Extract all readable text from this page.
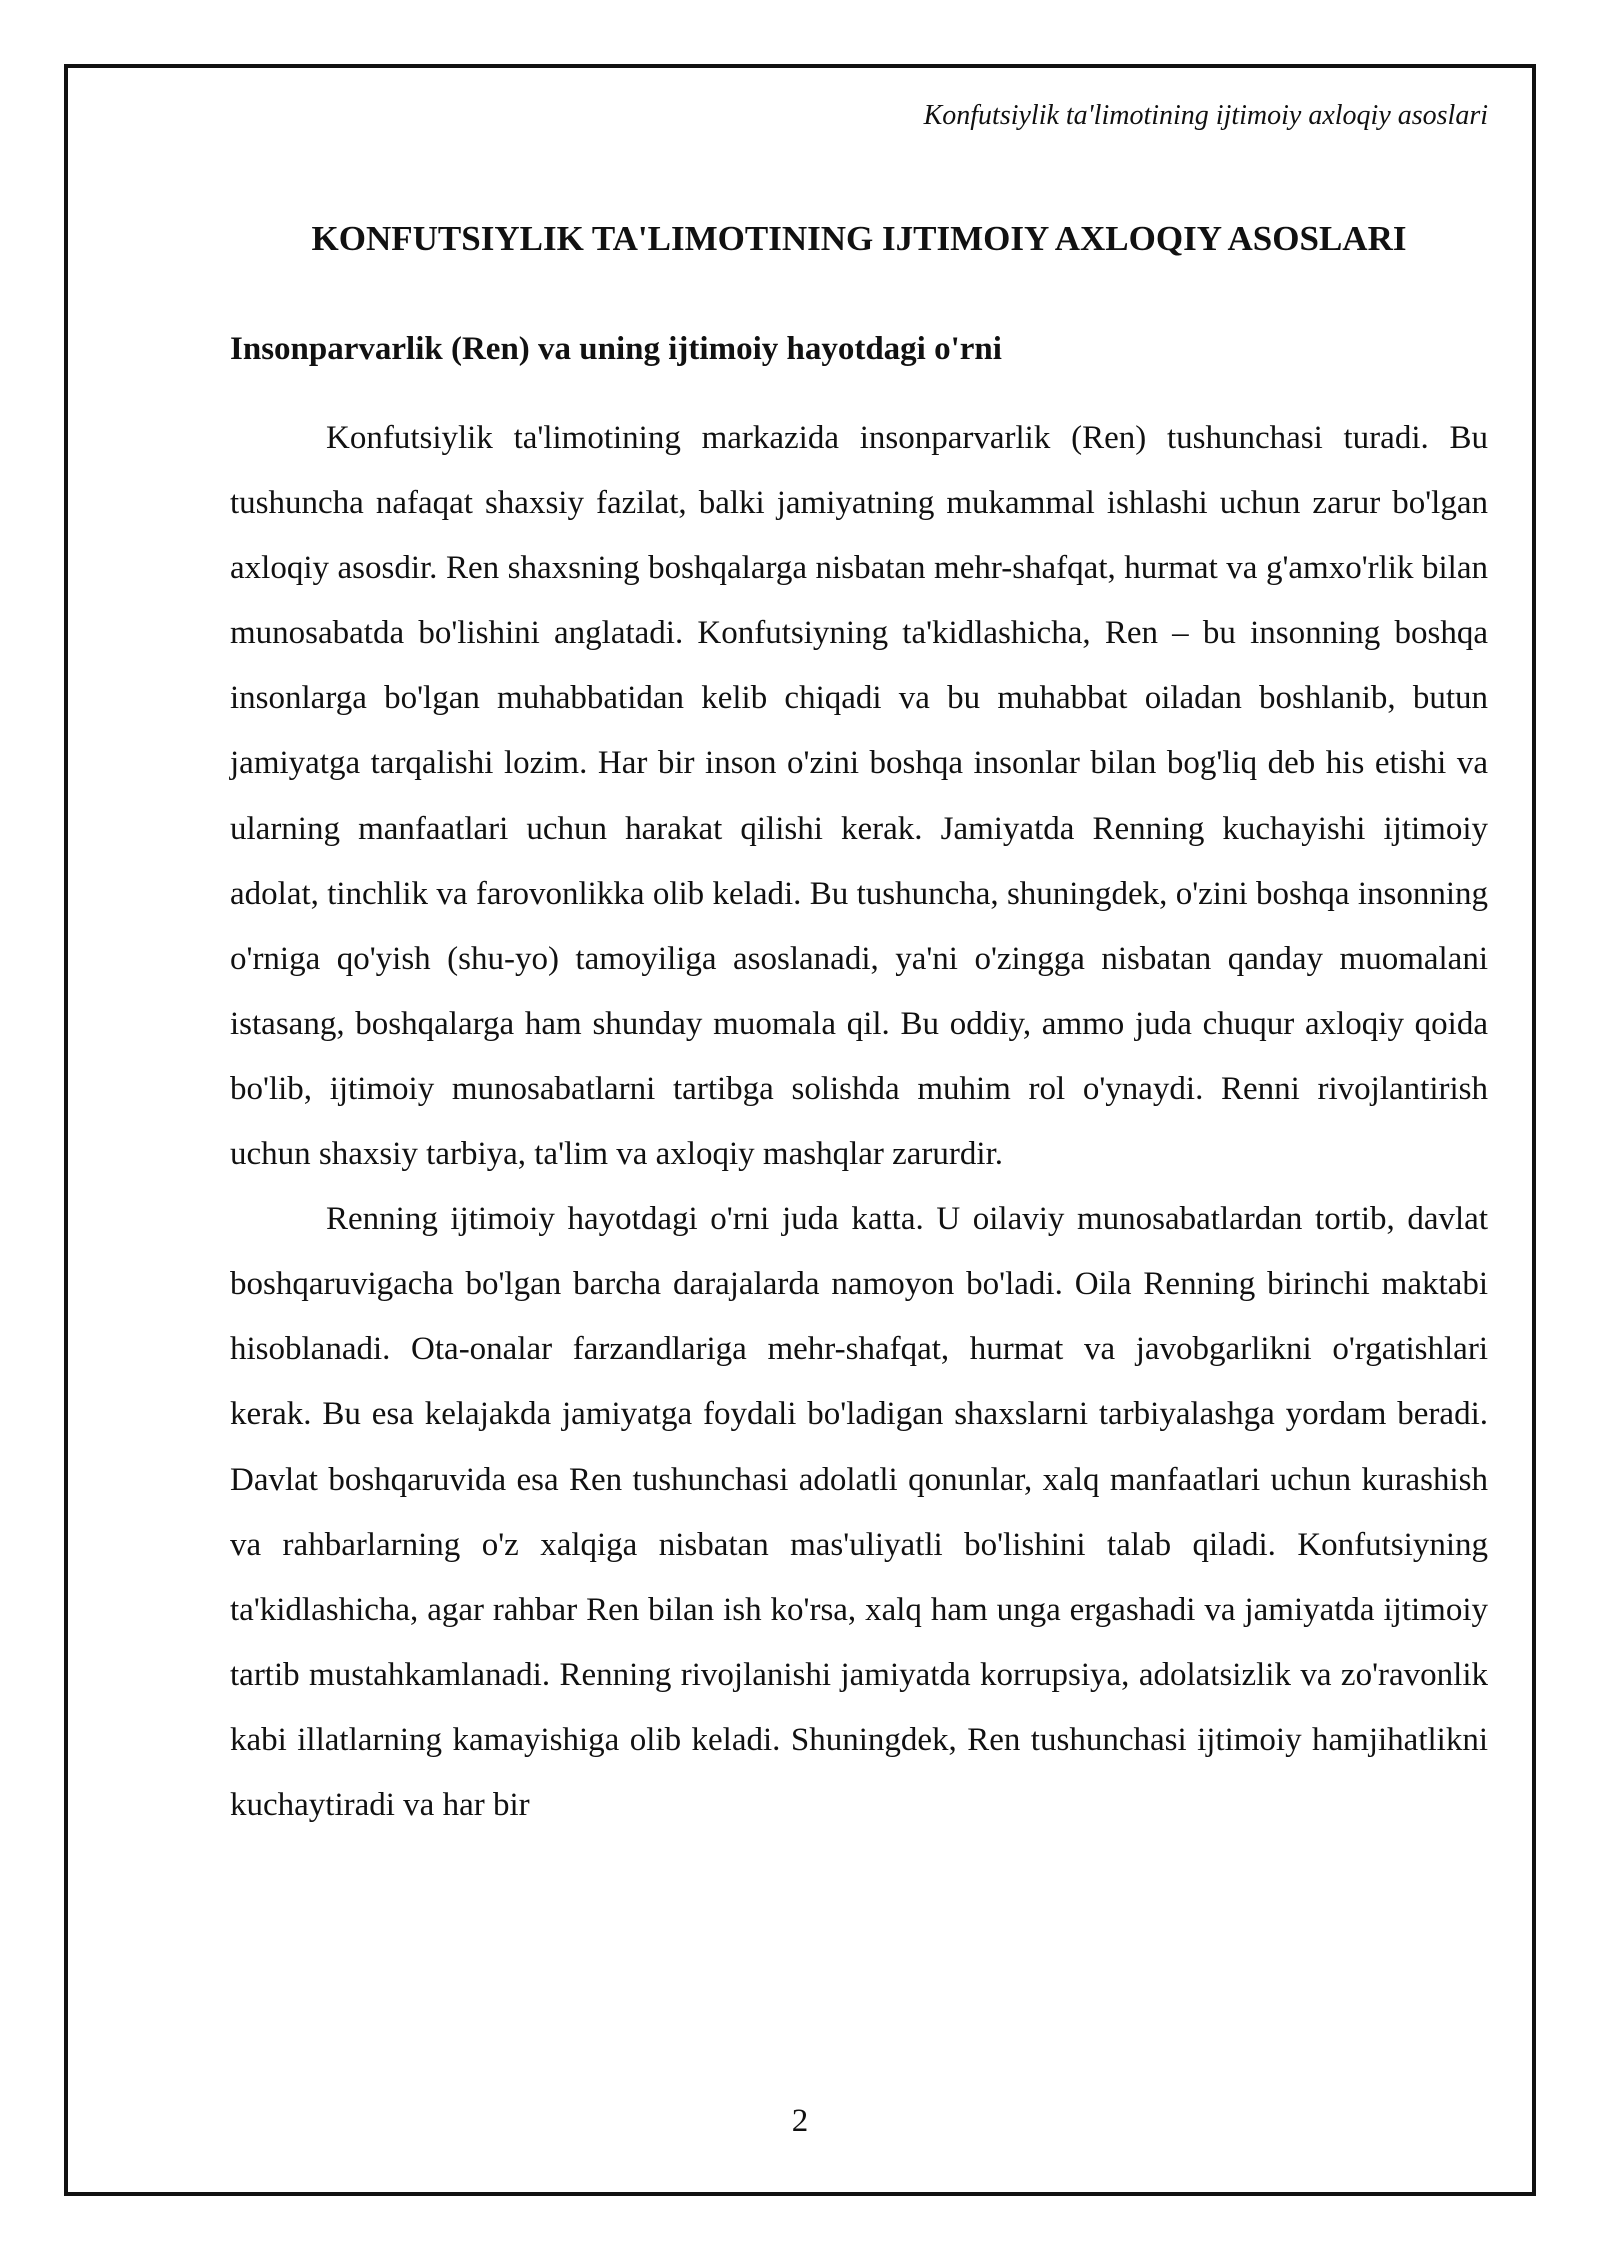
Konfutsiylik ta'limotining ijtimoiy axloqiy asoslari
KONFUTSIYLIK TA'LIMOTINING IJTIMOIY AXLOQIY ASOSLARI
Insonparvarlik (Ren) va uning ijtimoiy hayotdagi o'rni

Konfutsiylik ta'limotining markazida insonparvarlik (Ren) tushunchasi turadi. Bu tushuncha nafaqat shaxsiy fazilat, balki jamiyatning mukammal ishlashi uchun zarur bo'lgan axloqiy asosdir. Ren shaxsning boshqalarga nisbatan mehr-shafqat, hurmat va g'amxo'rlik bilan munosabatda bo'lishini anglatadi. Konfutsiyning ta'kidlashicha, Ren – bu insonning boshqa insonlarga bo'lgan muhabbatidan kelib chiqadi va bu muhabbat oiladan boshlanib, butun jamiyatga tarqalishi lozim. Har bir inson o'zini boshqa insonlar bilan bog'liq deb his etishi va ularning manfaatlari uchun harakat qilishi kerak. Jamiyatda Renning kuchayishi ijtimoiy adolat, tinchlik va farovonlikka olib keladi. Bu tushuncha, shuningdek, o'zini boshqa insonning o'rniga qo'yish (shu-yo) tamoyiliga asoslanadi, ya'ni o'zingga nisbatan qanday muomalani istasang, boshqalarga ham shunday muomala qil. Bu oddiy, ammo juda chuqur axloqiy qoida bo'lib, ijtimoiy munosabatlarni tartibga solishda muhim rol o'ynaydi. Renni rivojlantirish uchun shaxsiy tarbiya, ta'lim va axloqiy mashqlar zarurdir.

Renning ijtimoiy hayotdagi o'rni juda katta. U oilaviy munosabatlardan tortib, davlat boshqaruvigacha bo'lgan barcha darajalarda namoyon bo'ladi. Oila Renning birinchi maktabi hisoblanadi. Ota-onalar farzandlariga mehr-shafqat, hurmat va javobgarlikni o'rgatishlari kerak. Bu esa kelajakda jamiyatga foydali bo'ladigan shaxslarni tarbiyalashga yordam beradi. Davlat boshqaruvida esa Ren tushunchasi adolatli qonunlar, xalq manfaatlari uchun kurashish va rahbarlarning o'z xalqiga nisbatan mas'uliyatli bo'lishini talab qiladi. Konfutsiyning ta'kidlashicha, agar rahbar Ren bilan ish ko'rsa, xalq ham unga ergashadi va jamiyatda ijtimoiy tartib mustahkamlanadi. Renning rivojlanishi jamiyatda korrupsiya, adolatsizlik va zo'ravonlik kabi illatlarning kamayishiga olib keladi. Shuningdek, Ren tushunchasi ijtimoiy hamjihatlikni kuchaytiradi va har bir

2
